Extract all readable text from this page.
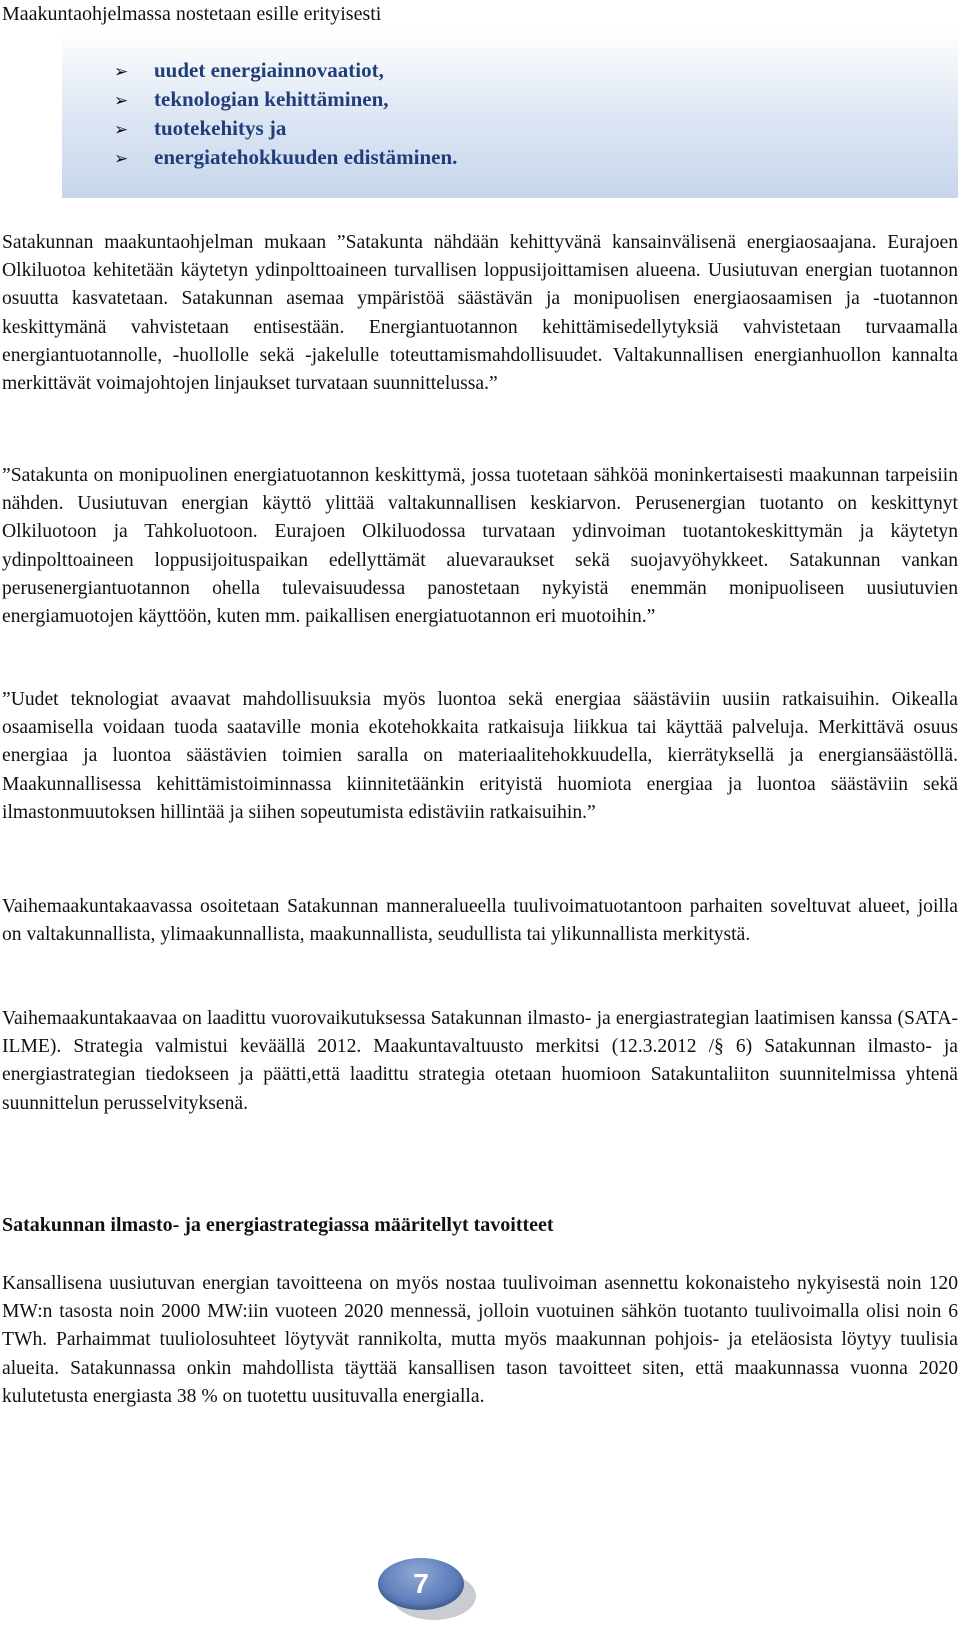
Maakuntaohjelmassa nostetaan esille erityisesti
➢ uudet energiainnovaatiot,
➢ teknologian kehittäminen,
➢ tuotekehitys ja
➢ energiatehokkuuden edistäminen.

Satakunnan maakuntaohjelman mukaan ”Satakunta nähdään kehittyvänä kansainvälisenä energiaosaajana. Eurajoen Olkiluotoa kehitetään käytetyn ydinpolttoaineen turvallisen loppusijoittamisen alueena. Uusiutuvan energian tuotannon osuutta kasvatetaan. Satakunnan asemaa ympäristöä säästävän ja monipuolisen energiaosaamisen ja -tuotannon keskittymänä vahvistetaan entisestään. Energiantuotannon kehittämisedellytyksiä vahvistetaan turvaamalla energiantuotannolle, -huollolle sekä -jakelulle toteuttamismahdollisuudet. Valtakunnallisen energianhuollon kannalta merkittävät voimajohtojen linjaukset turvataan suunnittelussa.”

”Satakunta on monipuolinen energiatuotannon keskittymä, jossa tuotetaan sähköä moninkertaisesti maakunnan tarpeisiin nähden. Uusiutuvan energian käyttö ylittää valtakunnallisen keskiarvon. Perusenergian tuotanto on keskittynyt Olkiluotoon ja Tahkoluotoon. Eurajoen Olkiluodossa turvataan ydinvoiman tuotantokeskittymän ja käytetyn ydinpolttoaineen loppusijoituspaikan edellyttämät aluevaraukset sekä suojavyöhykkeet. Satakunnan vankan perusenergiantuotannon ohella tulevaisuudessa panostetaan nykyistä enemmän monipuoliseen uusiutuvien energiamuotojen käyttöön, kuten mm. paikallisen energiatuotannon eri muotoihin.”

”Uudet teknologiat avaavat mahdollisuuksia myös luontoa sekä energiaa säästäviin uusiin ratkaisuihin. Oikealla osaamisella voidaan tuoda saataville monia ekotehokkaita ratkaisuja liikkua tai käyttää palveluja. Merkittävä osuus energiaa ja luontoa säästävien toimien saralla on materiaalitehokkuudella, kierrätyksellä ja energiansäästöllä. Maakunnallisessa kehittämistoiminnassa kiinnitetäänkin erityistä huomiota energiaa ja luontoa säästäviin sekä ilmastonmuutoksen hillintää ja siihen sopeutumista edistäviin ratkaisuihin.”

Vaihemaakuntakaavassa osoitetaan Satakunnan manneralueella tuulivoimatuotantoon parhaiten soveltuvat alueet, joilla on valtakunnallista, ylimaakunnallista, maakunnallista, seudullista tai ylikunnallista merkitystä.

Vaihemaakuntakaavaa on laadittu vuorovaikutuksessa Satakunnan ilmasto- ja energiastrategian laatimisen kanssa (SATA-ILME). Strategia valmistui keväällä 2012. Maakuntavaltuusto merkitsi (12.3.2012 /§ 6) Satakunnan ilmasto- ja energiastrategian tiedokseen ja päätti,että laadittu strategia otetaan huomioon Satakuntaliiton suunnitelmissa yhtenä suunnittelun perusselvityksenä.

Satakunnan ilmasto- ja energiastrategiassa määritellyt tavoitteet

Kansallisena uusiutuvan energian tavoitteena on myös nostaa tuulivoiman asennettu kokonaisteho nykyisestä noin 120 MW:n tasosta noin 2000 MW:iin vuoteen 2020 mennessä, jolloin vuotuinen sähkön tuotanto tuulivoimalla olisi noin 6 TWh. Parhaimmat tuuliolosuhteet löytyvät rannikolta, mutta myös maakunnan pohjois- ja eteläosista löytyy tuulisia alueita. Satakunnassa onkin mahdollista täyttää kansallisen tason tavoitteet siten, että maakunnassa vuonna 2020 kulutetusta energiasta 38 % on tuotettu uusituvalla energialla.

7
